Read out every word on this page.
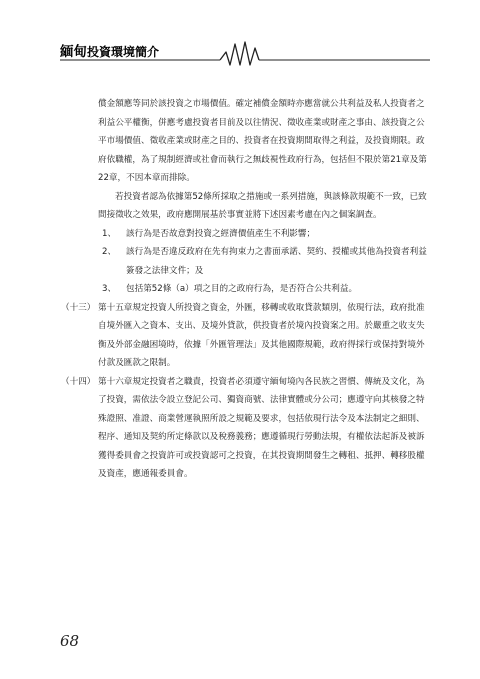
緬甸投資環境簡介

償金額應等同於該投資之市場價值。確定補償金額時亦應當就公共利益及私人投資者之利益公平權衡，併應考慮投資者目前及以往情況、徵收產業或財產之事由、該投資之公平市場價值、徵收產業或財產之目的、投資者在投資期間取得之利益，及投資期限。政府依職權，為了規制經濟或社會而執行之無歧視性政府行為，包括但不限於第21章及第22章，不因本章而排除。

若投資者認為依據第52條所採取之措施或一系列措施，與該條款規範不一致，已致間接徵收之效果，政府應開展基於事實並將下述因素考慮在內之個案調查。

1、 該行為是否故意對投資之經濟價值產生不利影響；
2、 該行為是否違反政府在先有拘束力之書面承諾、契約、授權或其他為投資者利益簽發之法律文件；及
3、 包括第52條（a）項之目的之政府行為，是否符合公共利益。
（十三） 第十五章規定投資人所投資之資金，外匯，移轉或收取貸款類別，依現行法，政府批准自境外匯入之資本、支出、及境外貸款，供投資者於境內投資案之用。於嚴重之收支失衡及外部金融困境時，依據「外匯管理法」及其他國際規範，政府得採行或保持對境外付款及匯款之限制。
（十四） 第十六章規定投資者之職責，投資者必須遵守緬甸境內各民族之習慣、傳統及文化，為了投資，需依法令設立登記公司、獨資商號、法律實體或分公司；應遵守向其核發之特殊證照、准證、商業營運執照所設之規範及要求，包括依現行法令及本法制定之細則、程序、通知及契約所定條款以及稅務義務；應遵循現行勞動法規，有權依法起訴及被訴獲得委員會之投資許可或投資認可之投資，在其投資期間發生之轉租、抵押、轉移股權及資產，應通報委員會。
68
